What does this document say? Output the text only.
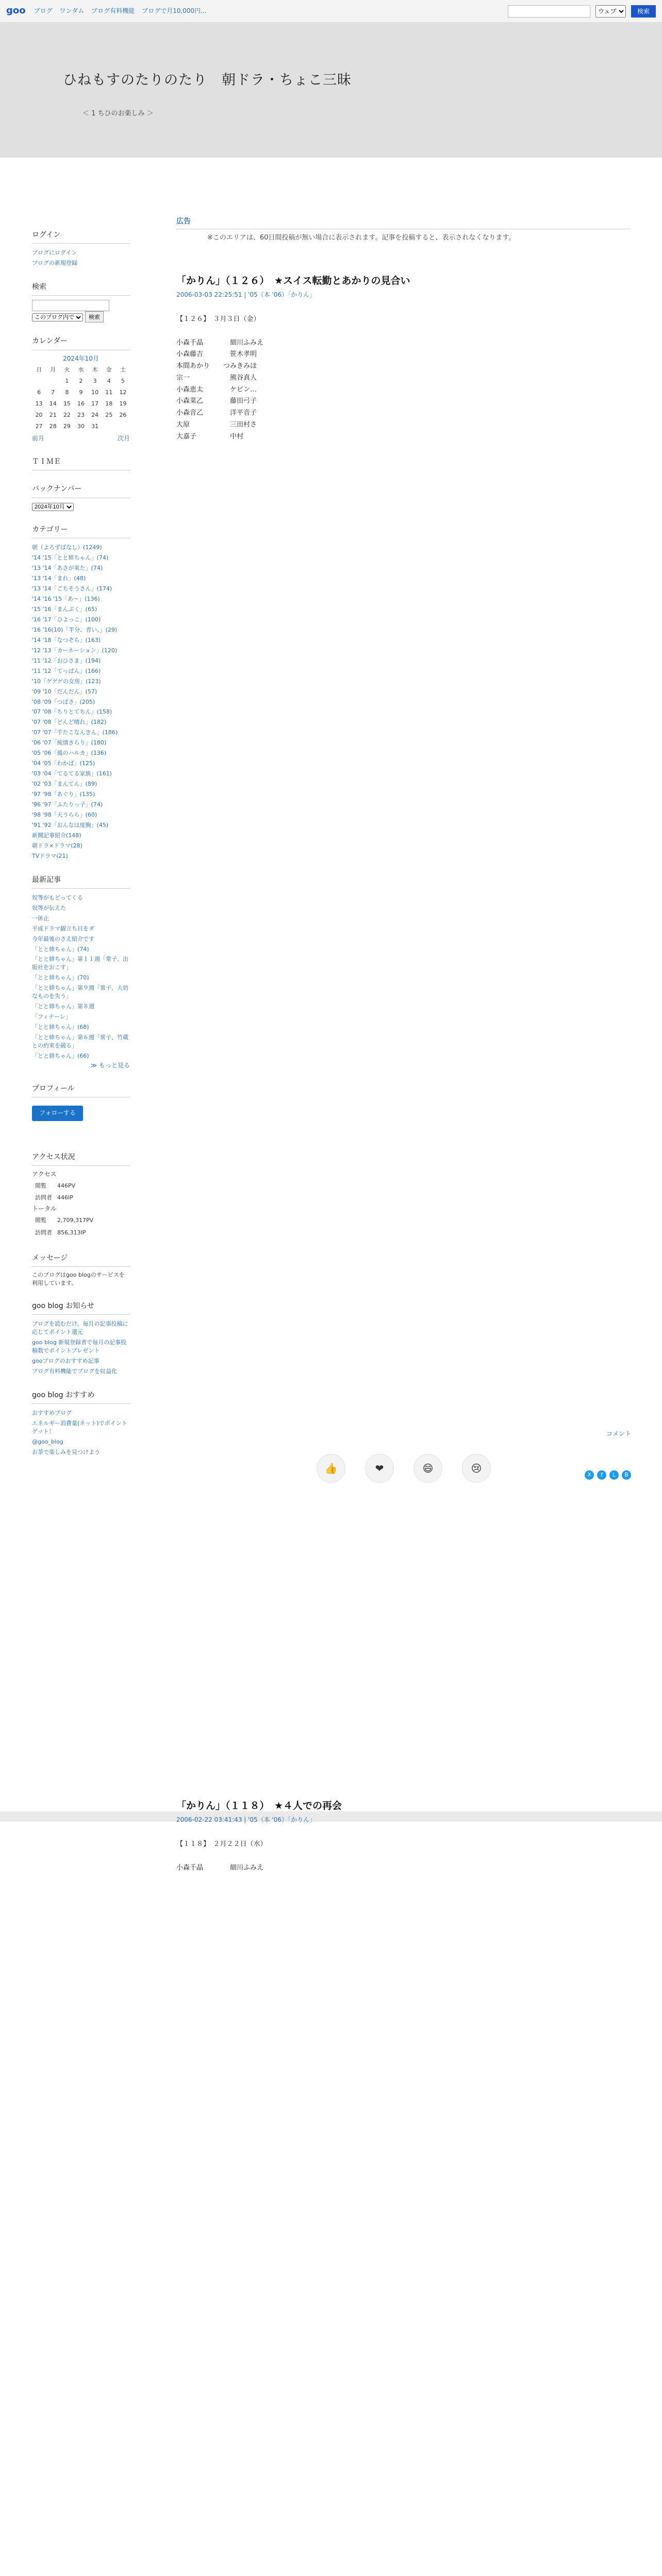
goo ブログ ワンダム ブログ有料機能 ブログで月10,000円...
ウェブ	検索
ひねもすのたりのたり　朝ドラ・ちょこ三昧
＜ 1 ちひのお楽しみ ＞
ログイン
ブログにログイン
ブログの新規登録
検索

このブログ内で 検索
カレンダー
2024年10月
日	月	火	水	木	金	土
		1	2	3	4	5
6	7	8	9	10	11	12
13	14	15	16	17	18	19
20	21	22	23	24	25	26
27	28	29	30	31		
前月	次月
ＴＩＭＥ
バックナンバー
2024年10月
カテゴリー
朝（よろずばなし）(1249)
'14 '15「とと姉ちゃん」(74)
'13 '14「あさが来た」(74)
'13 '14「まれ」(48)
'13 '14「ごちそうさん」(174)
'14 '16 '15「あ〜」(136)
'15 '16「まんぷく」(65)
'16 '17「ひよっこ」(100)
'16 '16(10)「半分、青い。」(29)
'14 '18「なつぞら」(163)
'12 '13「カーネーション」(120)
'11 '12「おひさま」(194)
'11 '12「てっぱん」(166)
'10「ゲゲゲの女房」(123)
'09 '10「だんだん」(57)
'08 '09「つばさ」(205)
'07 '08「ちりとてちん」(158)
'07 '08「どんど晴れ」(182)
'07 '07「芋たこなんきん」(186)
'06 '07「純情きらり」(180)
'05 '06「風のハルカ」(136)
'04 '05「わかば」(125)
'03 '04「てるてる家族」(161)
'02 '03「まんてん」(89)
'97 '98「あぐり」(135)
'96 '97「ふたりっ子」(74)
'98 '98「天うらら」(60)
'91 '92「おんなは度胸」(45)
新聞記事紹介(148)
朝ドラ×ドラマ(28)
TVドラマ(21)
最新記事
奴等がもどってくる
奴等が伝えた
一休止
平成ドラマ観立ち日をダ
今年最後のさえ紹介です
「とと姉ちゃん」(74)
「とと姉ちゃん」第１１週「常子、出版社をおこす」
「とと姉ちゃん」(70)
「とと姉ちゃん」第９週「常子、大切なものを失う」
「とと姉ちゃん」第８週
「フィナーレ」
「とと姉ちゃん」(68)
「とと姉ちゃん」第６週「常子、竹蔵との約束を破る」
「とと姉ちゃん」(66)
≫ もっと見る
プロフィール
フォローする
アクセス状況
アクセス
閲覧	446PV
訪問者	446IP
トータル
閲覧	2,709,317PV
訪問者	856,313IP
メッセージ
このブログはgoo blogのサービスを利用しています。
goo blog お知らせ
ブログを読むだけ。毎月の記事投稿に応じてポイント還元
goo blog 新規登録者で毎月の記事投稿数でポイントプレゼント
gooブログのおすすめ記事
ブログ有料機能でブログを収益化
goo blog おすすめ
おすすめブログ
エネルギー消費量(ネット)でポイントゲット！
@goo_blog
お茶で楽しみを見つけよう
広告
※このエリアは、60日間投稿が無い場合に表示されます。記事を投稿すると、表示されなくなります。
「かりん」（１２６）　★スイス転勤とあかりの見合い
2006-03-03 22:25:51 | '05（本 '06）「かりん」
【１２６】　３月３日（金）

小森千晶　　　　細川ふみえ
小森藤吉　　　　笹木孝明
本間あかり　　つみきみほ
宗一　　　　　　熊谷真人
小森恵太　　　　ケビン…
小森菜乙　　　　藤田弓子
小森音乙　　　　洋平音子
大原　　　　　　三田村さ
大嘉子　　　　　中村

コメント
👍	❤	😄	😢
X	f	L	B
「かりん」（１１８）　★４人での再会
2006-02-22 03:41:43 | '05（本 '06）「かりん」
【１１８】　２月２２日（水）

小森千晶　　　　細川ふみえ
